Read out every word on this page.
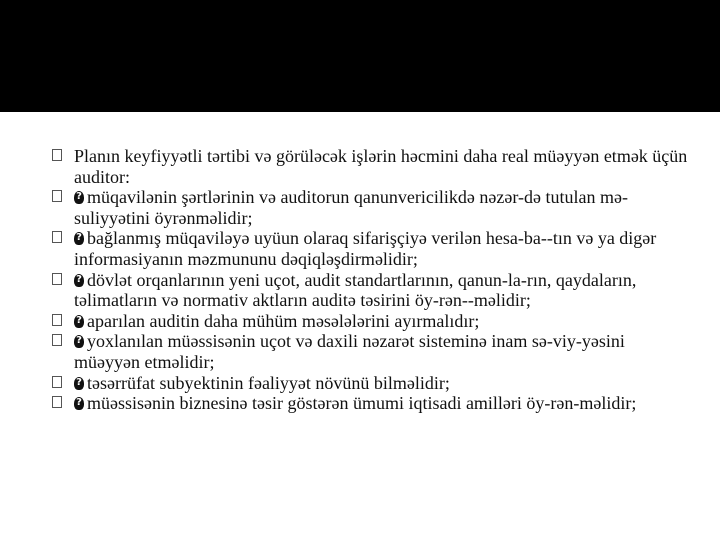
Planın keyfiyyətli tərtibi və görüləcək işlərin həcmini daha real müəyyən etmək üçün auditor:
?müqavilənin şərtlərinin və auditorun qanunvericilikdə nəzər-də tutulan mə-suliyyətini öyrənməlidir;
?bağlanmış müqaviləyə uyüun olaraq sifarişçiyə verilən hesa-ba--tın və ya digər informasiyanın məzmununu dəqiqləşdirməlidir;
?dövlət orqanlarının yeni uçot, audit standartlarının, qanun-la-rın, qaydaların, təlimatların və normativ aktların auditə təsirini öy-rən--məlidir;
?aparılan auditin daha mühüm məsələlərini ayırmalıdır;
?yoxlanılan müəssisənin uçot və daxili nəzarət sisteminə inam sə-viy-yəsini müəyyən etməlidir;
?təsərrüfat subyektinin fəaliyyət növünü bilməlidir;
?müəssisənin biznesinə təsir göstərən ümumi iqtisadi amilləri öy-rən-məlidir;
